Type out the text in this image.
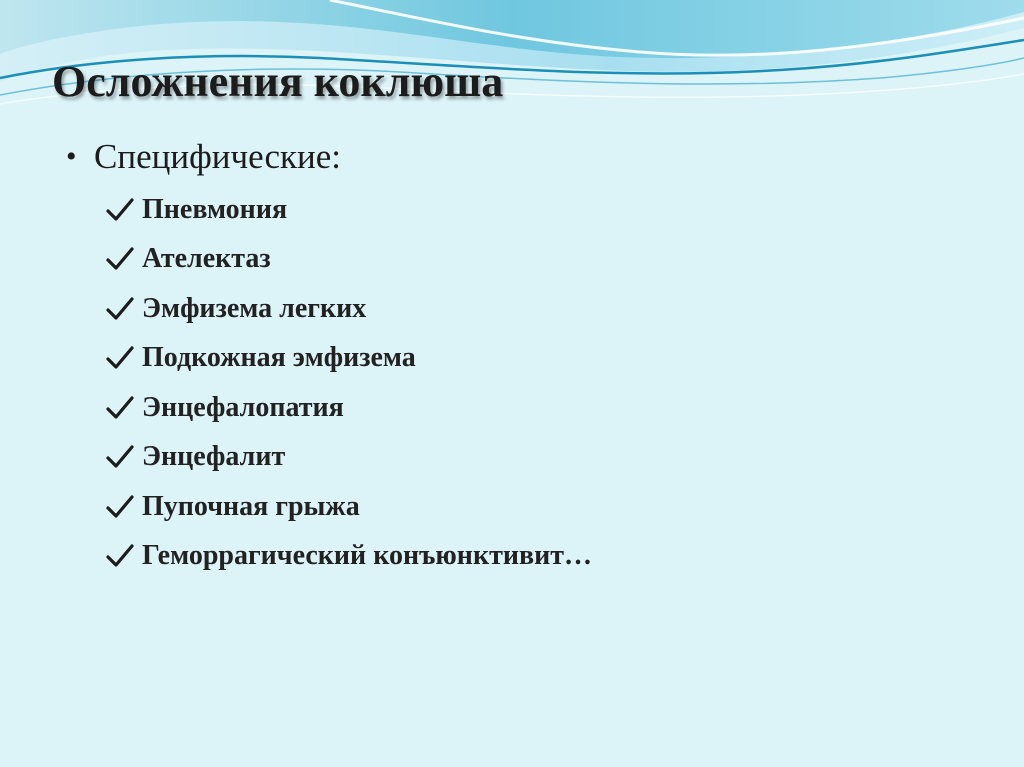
Осложнения коклюша
• Специфические:
Пневмония
Ателектаз
Эмфизема легких
Подкожная эмфизема
Энцефалопатия
Энцефалит
Пупочная грыжа
Геморрагический конъюнктивит…
